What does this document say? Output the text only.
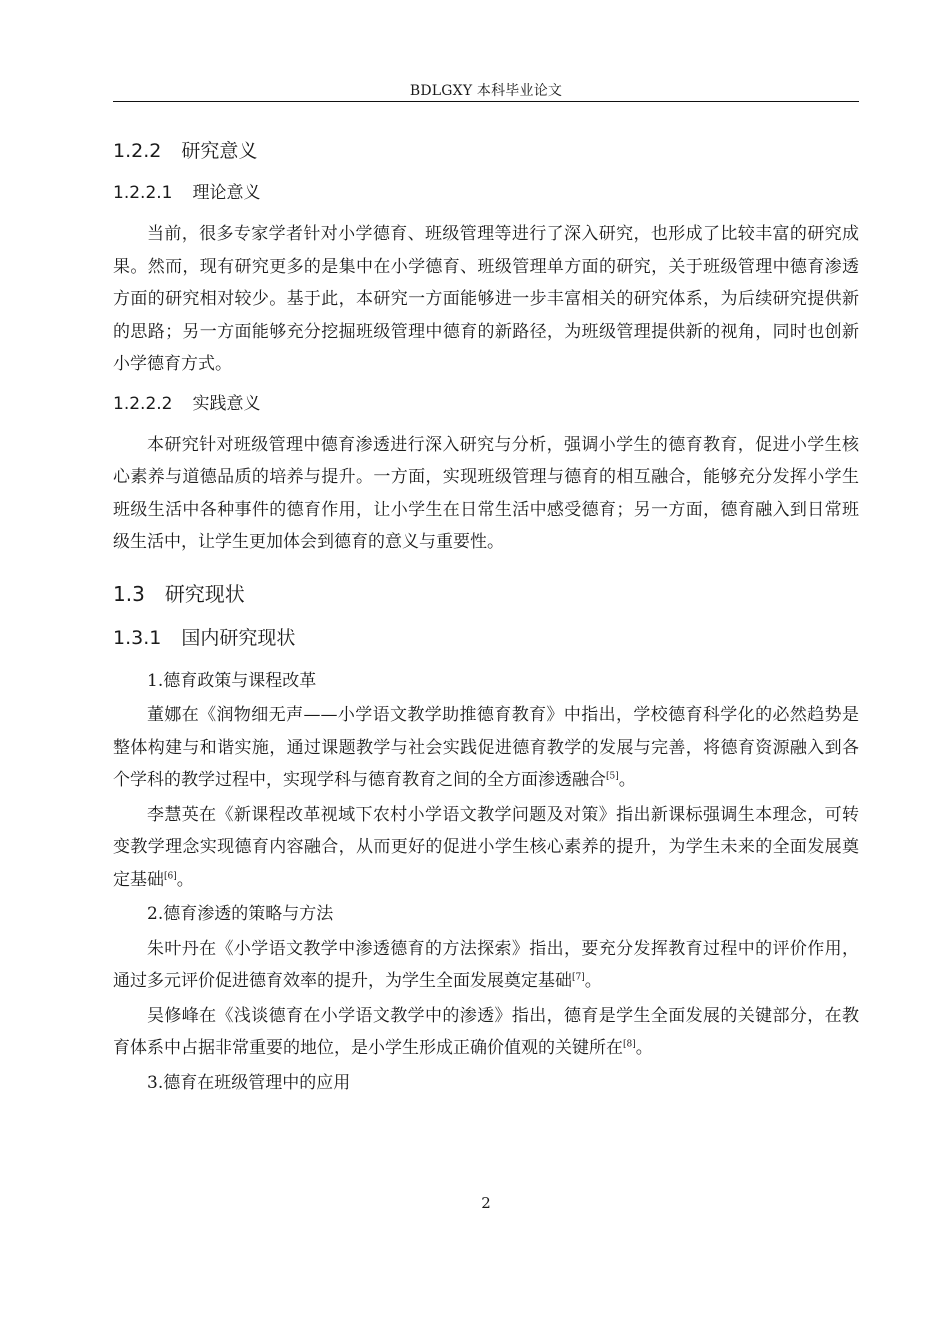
BDLGXY 本科毕业论文
1.2.2 研究意义
1.2.2.1 理论意义

当前，很多专家学者针对小学德育、班级管理等进行了深入研究，也形成了比较丰富的研究成果。然而，现有研究更多的是集中在小学德育、班级管理单方面的研究，关于班级管理中德育渗透方面的研究相对较少。基于此，本研究一方面能够进一步丰富相关的研究体系，为后续研究提供新的思路；另一方面能够充分挖掘班级管理中德育的新路径，为班级管理提供新的视角，同时也创新小学德育方式。

1.2.2.2 实践意义

本研究针对班级管理中德育渗透进行深入研究与分析，强调小学生的德育教育，促进小学生核心素养与道德品质的培养与提升。一方面，实现班级管理与德育的相互融合，能够充分发挥小学生班级生活中各种事件的德育作用，让小学生在日常生活中感受德育；另一方面，德育融入到日常班级生活中，让学生更加体会到德育的意义与重要性。

1.3 研究现状
1.3.1 国内研究现状

1.德育政策与课程改革

董娜在《润物细无声——小学语文教学助推德育教育》中指出，学校德育科学化的必然趋势是整体构建与和谐实施，通过课题教学与社会实践促进德育教学的发展与完善，将德育资源融入到各个学科的教学过程中，实现学科与德育教育之间的全方面渗透融合[5]。

李慧英在《新课程改革视域下农村小学语文教学问题及对策》指出新课标强调生本理念，可转变教学理念实现德育内容融合，从而更好的促进小学生核心素养的提升，为学生未来的全面发展奠定基础[6]。

2.德育渗透的策略与方法

朱叶丹在《小学语文教学中渗透德育的方法探索》指出，要充分发挥教育过程中的评价作用，通过多元评价促进德育效率的提升，为学生全面发展奠定基础[7]。

吴修峰在《浅谈德育在小学语文教学中的渗透》指出，德育是学生全面发展的关键部分，在教育体系中占据非常重要的地位，是小学生形成正确价值观的关键所在[8]。

3.德育在班级管理中的应用

2
